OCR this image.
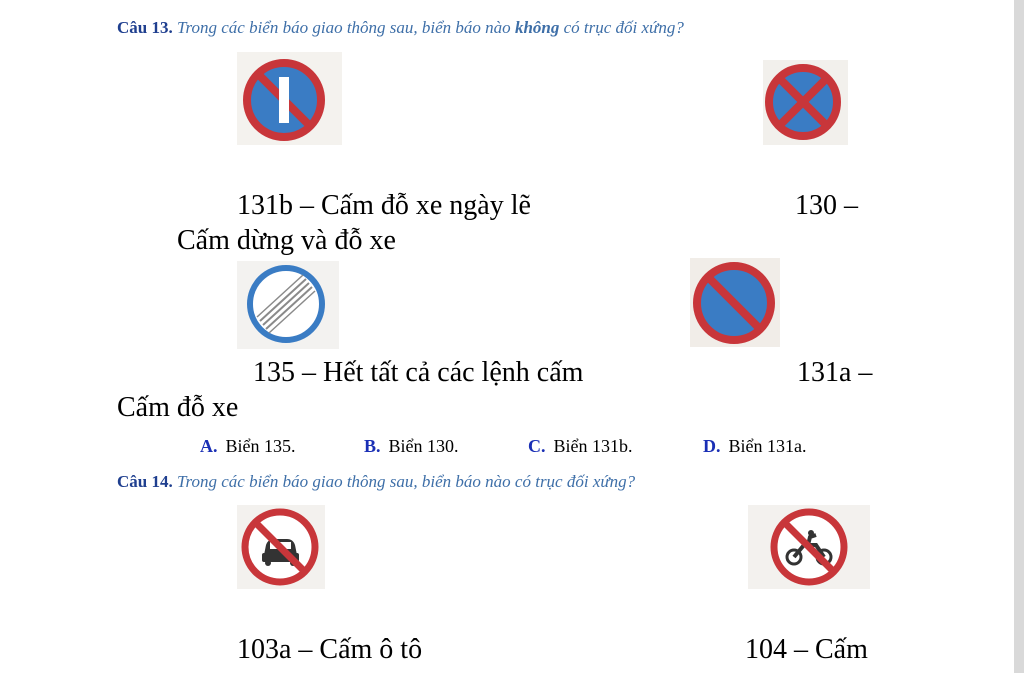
Câu 13. Trong các biển báo giao thông sau, biển báo nào không có trục đối xứng?
131b – Cấm đỗ xe ngày lẽ	130 –
Cấm dừng và đỗ xe
135 – Hết tất cả các lệnh cấm	131a –
Cấm đỗ xe
A. Biển 135.	B. Biển 130.	C. Biển 131b.	D. Biển 131a.
Câu 14. Trong các biển báo giao thông sau, biển báo nào có trục đối xứng?
103a – Cấm ô tô	104 – Cấm
